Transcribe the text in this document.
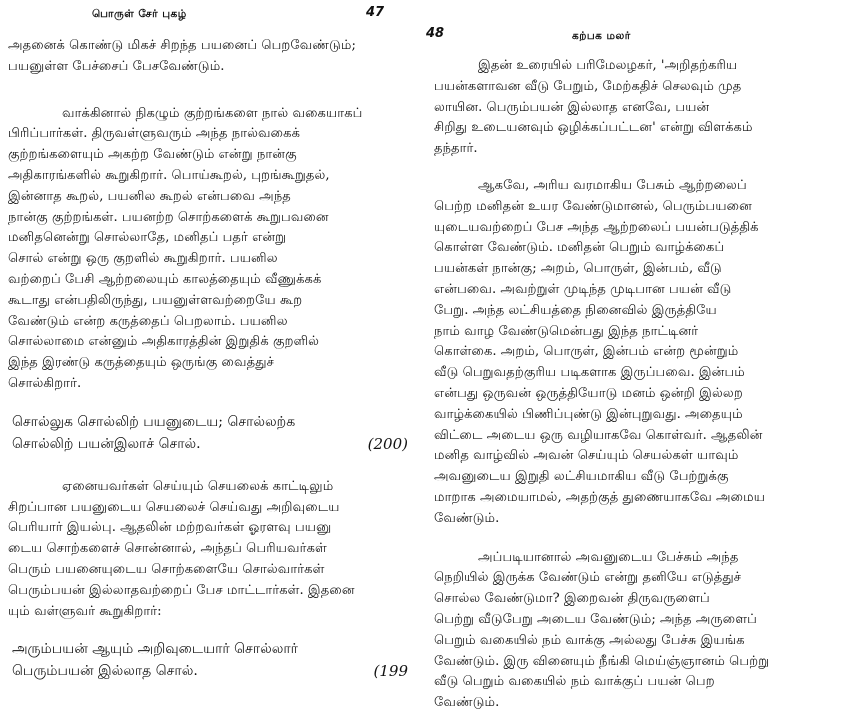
பொருள் சேர் புகழ்	47
அதனைக் கொண்டு மிகச் சிறந்த பயனைப் பெறவேண்டும்;
பயனுள்ள பேச்சைப் பேசவேண்டும்.
வாக்கினால் நிகழும் குற்றங்களை நால் வகையாகப்
பிரிப்பார்கள். திருவள்ளுவரும் அந்த நால்வகைக்
குற்றங்களையும் அகற்ற வேண்டும் என்று நான்கு
அதிகாரங்களில் கூறுகிறார். பொய்கூறல், புறங்கூறுதல்,
இன்னாத கூறல், பயனில கூறல் என்பவை அந்த
நான்கு குற்றங்கள். பயனற்ற சொற்களைக் கூறுபவனை
மனிதனென்று சொல்லாதே, மனிதப் பதர் என்று
சொல் என்று ஒரு குறளில் கூறுகிறார். பயனில
வற்றைப் பேசி ஆற்றலையும் காலத்தையும் வீணுக்கக்
கூடாது என்பதிலிருந்து, பயனுள்ளவற்றையே கூற
வேண்டும் என்ற கருத்தைப் பெறலாம். பயனில
சொல்லாமை என்னும் அதிகாரத்தின் இறுதிக் குறளில்
இந்த இரண்டு கருத்தையும் ஒருங்கு வைத்துச்
சொல்கிறார்.
சொல்லுக சொல்லிற் பயனுடைய; சொல்லற்க
சொல்லிற் பயன்இலாச் சொல்.	(200)
ஏனையவர்கள் செய்யும் செயலைக் காட்டிலும்
சிறப்பான பயனுடைய செயலைச் செய்வது அறிவுடைய
பெரியார் இயல்பு. ஆதலின் மற்றவர்கள் ஓரளவு பயனு
டைய சொற்களைச் சொன்னால், அந்தப் பெரியவர்கள்
பெரும் பயனையுடைய சொற்களையே சொல்வார்கள்
பெரும்பயன் இல்லாதவற்றைப் பேச மாட்டார்கள். இதனை
யும் வள்ளுவர் கூறுகிறார்:
அரும்பயன் ஆயும் அறிவுடையார் சொல்லார்
பெரும்பயன் இல்லாத சொல்.	(199
48	கற்பக மலர்
இதன் உரையில் பரிமேலழகர், 'அறிதற்கரிய
பயன்களாவன வீடு பேறும், மேற்கதிச் செலவும் முத
லாயின. பெரும்பயன் இல்லாத எனவே, பயன்
சிறிது உடையனவும் ஒழிக்கப்பட்டன' என்று விளக்கம்
தந்தார்.
ஆகவே, அரிய வரமாகிய பேசும் ஆற்றலைப்
பெற்ற மனிதன் உயர வேண்டுமானல், பெரும்பயனை
யுடையவற்றைப் பேச அந்த ஆற்றலைப் பயன்படுத்திக்
கொள்ள வேண்டும். மனிதன் பெறும் வாழ்க்கைப்
பயன்கள் நான்கு; அறம், பொருள், இன்பம், வீடு
என்பவை. அவற்றுள் முடிந்த முடிபான பயன் வீடு
பேறு. அந்த லட்சியத்தை நினைவில் இருத்தியே
நாம் வாழ வேண்டுமென்பது இந்த நாட்டினர்
கொள்கை. அறம், பொருள், இன்பம் என்ற மூன்றும்
வீடு பெறுவதற்குரிய படிகளாக இருப்பவை. இன்பம்
என்பது ஒருவன் ஒருத்தியோடு மனம் ஒன்றி இல்லற
வாழ்க்கையில் பிணிப்புண்டு இன்புறுவது. அதையும்
விட்டை அடைய ஒரு வழியாகவே கொள்வர். ஆதலின்
மனித வாழ்வில் அவன் செய்யும் செயல்கள் யாவும்
அவனுடைய இறுதி லட்சியமாகிய வீடு பேற்றுக்கு
மாறாக அமையாமல், அதற்குத் துணையாகவே அமைய
வேண்டும்.
அப்படியானால் அவனுடைய பேச்சும் அந்த
நெறியில் இருக்க வேண்டும் என்று தனியே எடுத்துச்
சொல்ல வேண்டுமா? இறைவன் திருவருளைப்
பெற்று வீடுபேறு அடைய வேண்டும்; அந்த அருளைப்
பெறும் வகையில் நம் வாக்கு அல்லது பேச்சு இயங்க
வேண்டும். இரு வினையும் நீங்கி மெய்ஞ்ஞானம் பெற்று
வீடு பெறும் வகையில் நம் வாக்குப் பயன் பெற
வேண்டும்.
